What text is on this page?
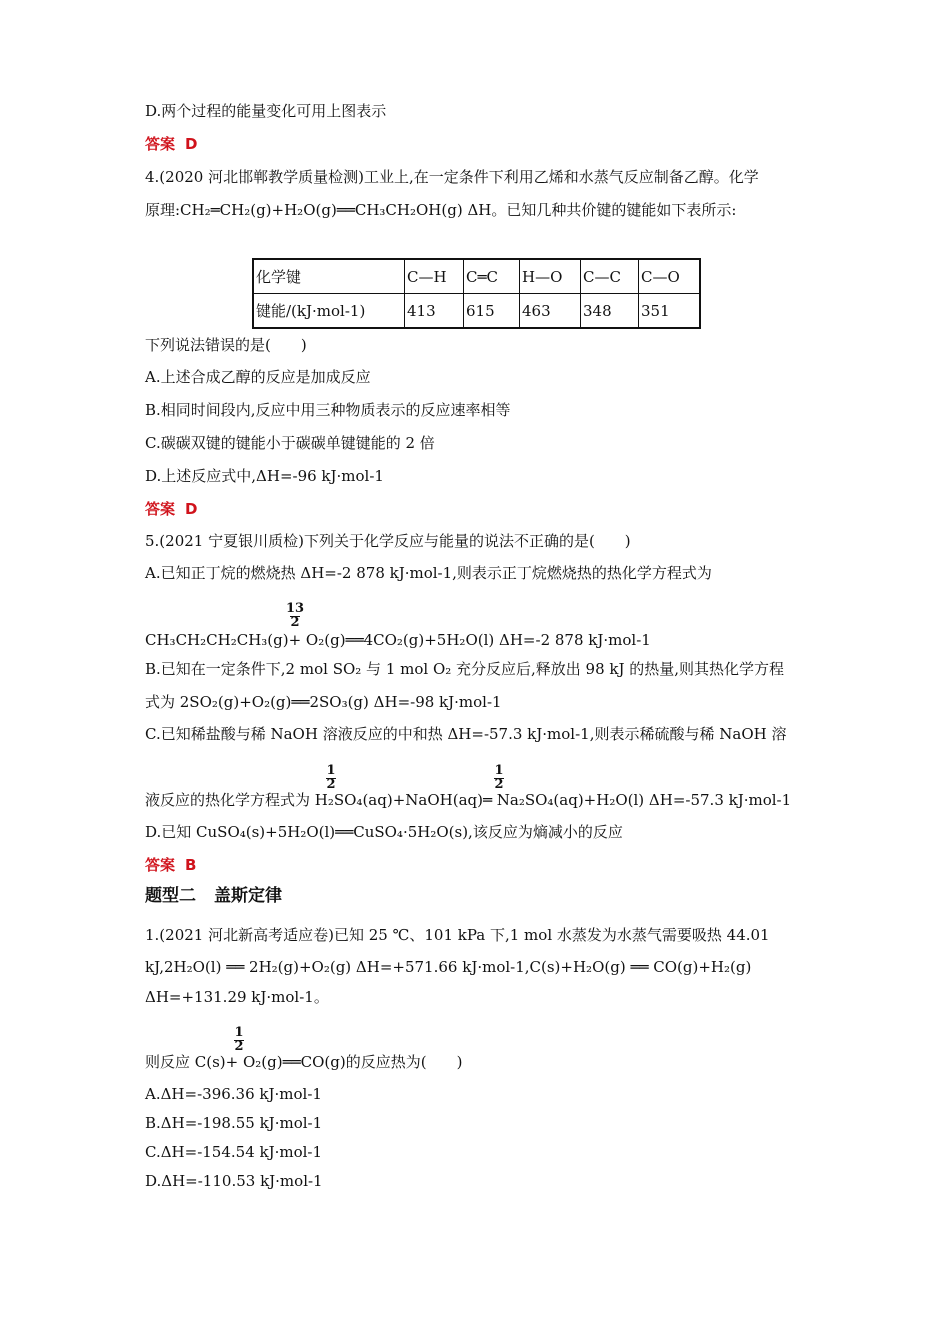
D.两个过程的能量变化可用上图表示
答案 D
4.(2020 河北邯郸教学质量检测)工业上,在一定条件下利用乙烯和水蒸气反应制备乙醇。化学
原理:CH₂═CH₂(g)+H₂O(g)══CH₃CH₂OH(g) ΔH。已知几种共价键的键能如下表所示:
化学键	C—H	C═C	H—O	C—C	C—O
键能/(kJ·mol-1)	413	615	463	348	351
下列说法错误的是(　　)
A.上述合成乙醇的反应是加成反应
B.相同时间段内,反应中用三种物质表示的反应速率相等
C.碳碳双键的键能小于碳碳单键键能的 2 倍
D.上述反应式中,ΔH=-96 kJ·mol-1
答案 D
5.(2021 宁夏银川质检)下列关于化学反应与能量的说法不正确的是(　　)
A.已知正丁烷的燃烧热 ΔH=-2 878 kJ·mol-1,则表示正丁烷燃烧热的热化学方程式为
13
2
CH₃CH₂CH₂CH₃(g)+ O₂(g)══4CO₂(g)+5H₂O(l) ΔH=-2 878 kJ·mol-1
B.已知在一定条件下,2 mol SO₂ 与 1 mol O₂ 充分反应后,释放出 98 kJ 的热量,则其热化学方程
式为 2SO₂(g)+O₂(g)══2SO₃(g) ΔH=-98 kJ·mol-1
C.已知稀盐酸与稀 NaOH 溶液反应的中和热 ΔH=-57.3 kJ·mol-1,则表示稀硫酸与稀 NaOH 溶
1
2
1
2
液反应的热化学方程式为 H₂SO₄(aq)+NaOH(aq)═ Na₂SO₄(aq)+H₂O(l) ΔH=-57.3 kJ·mol-1
D.已知 CuSO₄(s)+5H₂O(l)══CuSO₄·5H₂O(s),该反应为熵减小的反应
答案 B
题型二 盖斯定律
1.(2021 河北新高考适应卷)已知 25 ℃、101 kPa 下,1 mol 水蒸发为水蒸气需要吸热 44.01
kJ,2H₂O(l) ══ 2H₂(g)+O₂(g) ΔH=+571.66 kJ·mol-1,C(s)+H₂O(g) ══ CO(g)+H₂(g)
ΔH=+131.29 kJ·mol-1。
1
2
则反应 C(s)+ O₂(g)══CO(g)的反应热为(　　)
A.ΔH=-396.36 kJ·mol-1
B.ΔH=-198.55 kJ·mol-1
C.ΔH=-154.54 kJ·mol-1
D.ΔH=-110.53 kJ·mol-1
